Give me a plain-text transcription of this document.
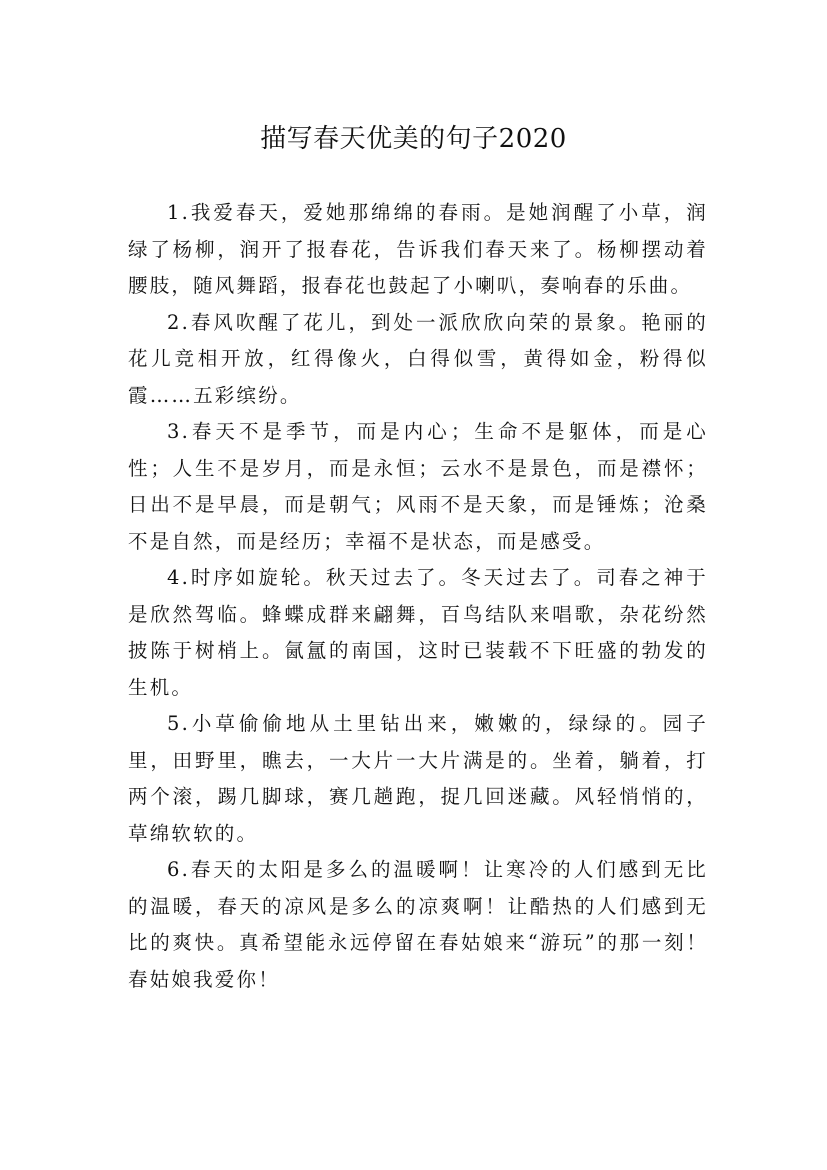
描写春天优美的句子2020

1.我爱春天，爱她那绵绵的春雨。是她润醒了小草，润绿了杨柳，润开了报春花，告诉我们春天来了。杨柳摆动着腰肢，随风舞蹈，报春花也鼓起了小喇叭，奏响春的乐曲。

2.春风吹醒了花儿，到处一派欣欣向荣的景象。艳丽的花儿竞相开放，红得像火，白得似雪，黄得如金，粉得似霞……五彩缤纷。

3.春天不是季节，而是内心；生命不是躯体，而是心性；人生不是岁月，而是永恒；云水不是景色，而是襟怀；日出不是早晨，而是朝气；风雨不是天象，而是锤炼；沧桑不是自然，而是经历；幸福不是状态，而是感受。

4.时序如旋轮。秋天过去了。冬天过去了。司春之神于是欣然驾临。蜂蝶成群来翩舞，百鸟结队来唱歌，杂花纷然披陈于树梢上。氤氲的南国，这时已装载不下旺盛的勃发的生机。

5.小草偷偷地从土里钻出来，嫩嫩的，绿绿的。园子里，田野里，瞧去，一大片一大片满是的。坐着，躺着，打两个滚，踢几脚球，赛几趟跑，捉几回迷藏。风轻悄悄的，草绵软软的。

6.春天的太阳是多么的温暖啊！让寒冷的人们感到无比的温暖，春天的凉风是多么的凉爽啊！让酷热的人们感到无比的爽快。真希望能永远停留在春姑娘来“游玩”的那一刻！春姑娘我爱你！
